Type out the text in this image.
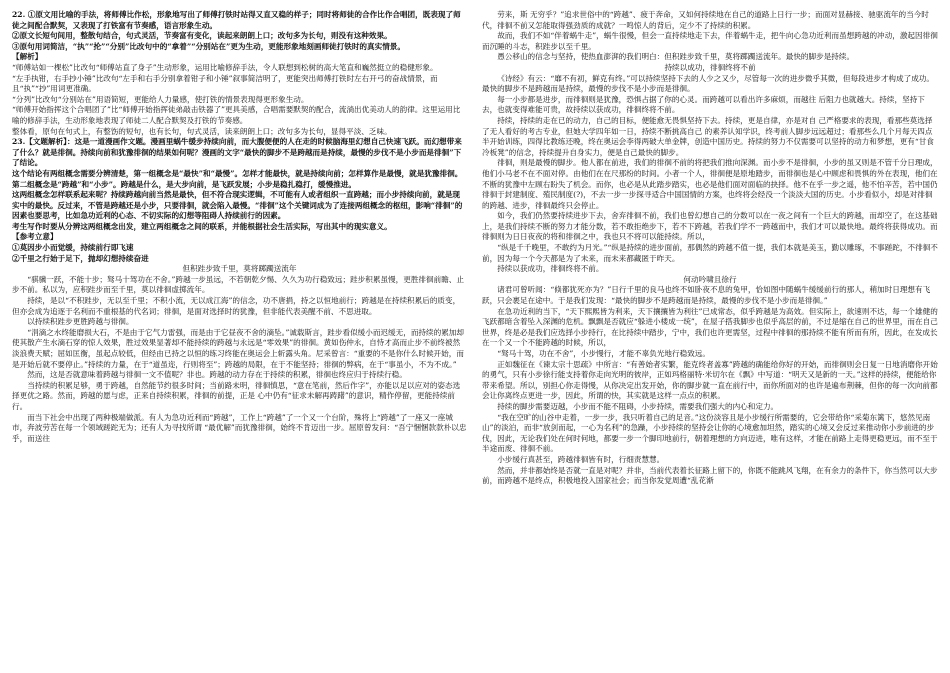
22. ①原文用比喻的手法，将师傅比作松，形象地写出了师傅打铁时站得又直又稳的样子；同时将师徒的合作比作合唱团，既表现了师徒之间配合默契，又表现了打铁富有节奏感，语言形象生动。

②原文长短句间用，整散句结合，句式灵活，节奏富有变化，读起来朗朗上口；改句多为长句，则没有这种效果。

③原句用词简洁，“执”“抡”“分别”比改句中的“拿着”“分别站在”更为生动，更能形象地刻画师徒打铁时的真实情景。

【解析】

“师傅站如一棵松”比改句“师傅站直了身子”生动形象，运用比喻修辞手法，令人联想到松树的高大笔直和巍然挺立的稳健形象。

“左手执钳，右手抄小锤”比改句“左手和右手分别拿着钳子和小锤”叙事简洁明了，更能突出师傅打铁时左右开弓的奋战情景，而且“执”“抄”用词更准确。

“分列”比改句“分别站在”用语简短，更能给人力量感，使打铁的情景表现得更形象生动。

“师傅开始指挥这个合唱团了”比“师傅开始指挥徒弟敲击铁器了”更具美感，合唱需要默契的配合，流淌出优美动人的韵律。这里运用比喻的修辞手法，生动形象地表现了师徒二人配合默契及打铁的节奏感。

整体看，原句在句式上，有整饬的短句，也有长句，句式灵活，读来朗朗上口；改句多为长句，显得平淡、乏味。

23.【文题解析】：这是一道漫画作文题。漫画里蜗牛缓步持续向前，而大腹便便的人在走的时候脑海里幻想自己快速飞跃。而幻想带来了什么？就是徘徊。持续向前和犹豫徘徊的结果如何呢？漫画的文字“最快的脚步不是跨越而是持续，最慢的步伐不是小步而是徘徊”下了结论。

这个结论有两组概念需要分辨清楚，第一组概念是“最快”和“最慢”。怎样才能最快，就是持续向前；怎样算作是最慢，就是犹豫徘徊。第二组概念是“跨越”和“小步”。跨越是什么，是大步向前，是飞跃发展；小步是稳扎稳打，缓慢推进。

这两组概念怎样联系起来呢？持续跨越向前当然是最快，但不符合现实逻辑，不可能有人或者组织一直跨越；而小步持续向前，就是现实中的最快。反过来，不管是跨越还是小步，只要徘徊，就会陷入最慢。“徘徊”这个关键词成为了连接两组概念的枢纽，影响“徘徊”的因素也要思考，比如急功近利的心态、不切实际的幻想等阻碍人持续前行的因素。

考生写作时要从分辨这两组概念出发，建立两组概念之间的联系，并能根据社会生活实际，写出其中的现实意义。

【参考立意】

①莫因步小而觉缓，持续前行即飞速

②千里之行始于足下，抛却幻想持续奋进

但积跬步致千里，莫将踯躅送流年

“骐骥一跃，不能十步；驽马十驾功在不舍。”跨越一步虽远，不若朝乾夕惕、久久为功行稳致远；跬步积累虽慢，更胜徘徊前瞻、止步不前。私以为，应积跬步而至千里，莫以徘徊虚掷流年。

持续，是以“不积跬步，无以至千里；不积小流，无以成江海”的信念，功不唐捐，持之以恒地前行；跨越是在持续积累后的质变，但亦会成为追逐于名利而不重根基的代名词；徘徊，是面对选择时的犹豫，但非能代表美醒不前、不思进取。

以持续积跬步更胜跨越与徘徊。

“涓滴之水终能磨损大石，不是由于它气力雷强，而是由于它昼夜不舍的滴坠。”诚载斯言，跬步看似缓小而迟缓无，而持续的累加却使其散产生水滴石穿的惊人效果，胜过效果显著却不能持续的跨越与永远是“零效果”的徘徊。黄如伤仲永，自恃才高而止步不前终被然淡浪费天赋；屈如匡衡，虽起点较低，但经由已持之以恒的练习终能在奥运会上斩露头角。尼采曾言：“重要的不是你什么时候开始，而是开始后就不要停止。”持续的力量，在于“道虽迩，行则将至”；跨越的局限，在于不能坚持；徘徊的弊病，在于“事虽小，不为不成。”

然而，这是否就意味着跨越与徘徊一文不值呢？非也。跨越的动力存在于持续的积累，徘徊也终应归于持续行稳。

当持续的积累足够，勇于跨越，自然能节约很多时间；当前路未明，徘徊慎思，“意在笔前，然后作字”，亦能以足以应对的姿态选择更优之路。然而，跨越的愿与虑，正来自持续积累，徘徊的前提，正是 心中仍有“征求未解再踌躇”的意识，精作停留，更能持续前行。

而当下社会中出现了两种极端做派。有人为急功近利而“跨越”，工作上“跨越”了一个又一个台阶，殊将上“跨越”了一座又一座城市，奔波劳苦在每一个领域蹉跎无为；还有人为寻找所谓 “最优解”而犹豫徘徊，始终不肯迈出一步。屈原曾发问：“吾宁悃悃款款朴以忠乎，而送往

劳来，斯 无穷乎？”追求世俗中的“跨越”、疲于奔命，又如何持续地在自己的道路上日行一步；而面对显赫接、驰驱流年的当今时代，徘徊不前又怎能取得强劲质的成就？一鸣惊人的背后，定少不了持续的积累。

故而，我们不如“伴着蜗牛走”，蜗牛很慢，但会一直持续地走下去，伴着蜗牛走，把牛向心急功近利而虽想跨越的冲动，激起因徘徊而沉睡的斗志，积跬步以至千里。

愚公移山的信念与坚持，使热血澎湃的我们明白：但积跬步致千里，莫将踯躅送流年。最快的脚步是持续。

持续以成功，徘徊终将不前

《诗经》有云：“靡不有初，鲜克有终。”可以持续坚持下去的人少之又少，尽管每一次的进步微乎其微，但每段进步才构成了成功。最快的脚步不是跨越而是持续，最慢的步伐不是小步而是徘徊。

每一小步都是进步，而徘徊则是犹豫，恐惧占据了你的心灵。而跨越可以看出许多麻烦，而越往 后阻力也就越大。持续，坚持下去，也就变得难能可贵，故持续以获成功，徘徊终将不前。

持续，持续的走在已的动力，自己的目标，便能愈无畏惧坚持下去。持续，更是自律，亦是对自 己严格要求的表现，看那些莫选择了无人看好的考古专业，但她大学四年如一日，持续不断挑高自己 的素养认知学识，终考前人脚步远远超过；看那些么几个月每天四点半开始训练，四得比教练还晚，终在奥运会李得两破大单金牌，创造中国历史。持续的努力不仅需要可以坚持的动力和梦想，更有“甘食冷板凳”的信念，持续提升自身实力，便是自己最快的脚步。

徘徊，则是最慢的脚步。他人都在前进，我们的徘徊不前的将把我们推向深渊。而小步不是徘徊，小步的虽又则是不管千分日理成，他们小马老不在不面对停。由他们在在尺那纷的时间。小者一个人，徘徊便是原地踏步，而徘徊也是心中顾虑和畏惧的外在表现，他们在不断的犹豫中左顾右盼失了机会。而你，也必是从此踏步踏实，也必是他们面对面临的抉择。他不在乎一步之遥，他不怕辛苦，若中国仍徘徊于封建制度、殖民制度(?)，不去一步一步探寻适合中国国情的方案，也终将会经没一个淡淡大国的历史。小步看似小，却是对徘徊的跨越、进步，徘徊最终只会停止。

如今，我们仍然要持续进步下去，舍弃徘徊不前，我们也曾幻想自己的分数可以在一夜之间有一个巨大的跨越，而却空了，在这基础上，是我们持续不断的努力才能分数，若不敢拒绝步下，若不下跨越，若我们学不一跨越而中，我们才可以最快地。最终将获得成功。而徘徊则为日日夜夜的将和徘徊之中，我也只不将可以能持续。所以，

“纵是千千晚里，不敢约为月光。”“纵是持续的进步面前，那偶然的跨越不值一提，我们本就是美玉，勤以雕琢，不事蹉跎，不徘徊不前，因为每一个今天都是为了未来，而未来都藏匿于昨天。

持续以获成功，徘徊终将不前。

何动吟啸且徐行

诸君可曾听闻：“倏都犹死亦为？”日行千里的良马也终不如卧夜不息的兔甲，恰如图中随蜗牛缓缓前行的那人，稍加时日理想有飞跃，只会裹足在途中。于是我们发现：“最快的脚步不是跨越而是持续，最慢的步伐不是小步而是徘徊。”

在急功近利的当下，“天下熙熙皆为利来，天下攘攘皆为利往”已成常态，似乎跨越是为高效。但实际上，欲速则不达，每一个雄健的飞跃都暗含着坠入深渊的危机。飘飘是否就应“躲进小楼成一统”，在屋子搭我脚步也似乎高层的前，不过是缩在自己的世界里，而在自己世界，终是必是我们应选择小步持行，在比持续中踏步，宁中，我们也许更需坚，过程中徘徊的那持续不能有所而有所，因此，在发成长在一个又一个不能跨越的时候，所以，

“驽马十驾，功在不舍”，小步慢行，才能不辜负光地行稳致远。

正如魏征在《谏太宗十思疏》中所言：“有善始者实繁，能克终者盖寡”跨越的确能给你好的开始，而徘徊则会日复一日地消磨你开始的勇气，只有小步徐行能支持着你走向光明的彼岸，正如玛格丽特·米切尔在《飘》中写道：“明天又是新的一天。”这样的持续，便能给你带来希望。所以，别担心你走得慢，从你决定出发开始，你的脚步就一直在前行中，而你所面对的也许是遍布荆棘，但你的每一次向前都会让你离终点更进一步，因此，所谓的快，其实就是这样一点点的积累。

持续的脚步需要迈越，小步而不能不阻碍，小步持续，需要我们强大的内心和定力。

“我在空旷的山谷中走着，一步一步，我只听着自己的足音。”这份淡容且是小步缓行所需要的，它会带给你“采菊东篱下，悠然见南山”的淡泊，而非“放剑而起，一心为名利”的急躁，小步持续的坚持会让你的心境愈加坦然，踏实的心境又会反过来推动你小步前进的步伐，因此，无论我们处在何时何地，都要一步一个脚印地前行，朝着理想的方向迈进，唯有这样，才能在前路上走得更稳更远，而不至于半途而废、徘徊不前。

小步缓行真甚至，跨越徘徊皆有时，行细责慧慧。

然而，并非都始终是否就一直是对呢？并非，当前代表着长征路上留下的，你既不能跳风飞翔，在有余力的条件下，你当然可以大步前，而跨越不是终点，积极地投入国家社会；而当你发觉周遭“乱花渐
